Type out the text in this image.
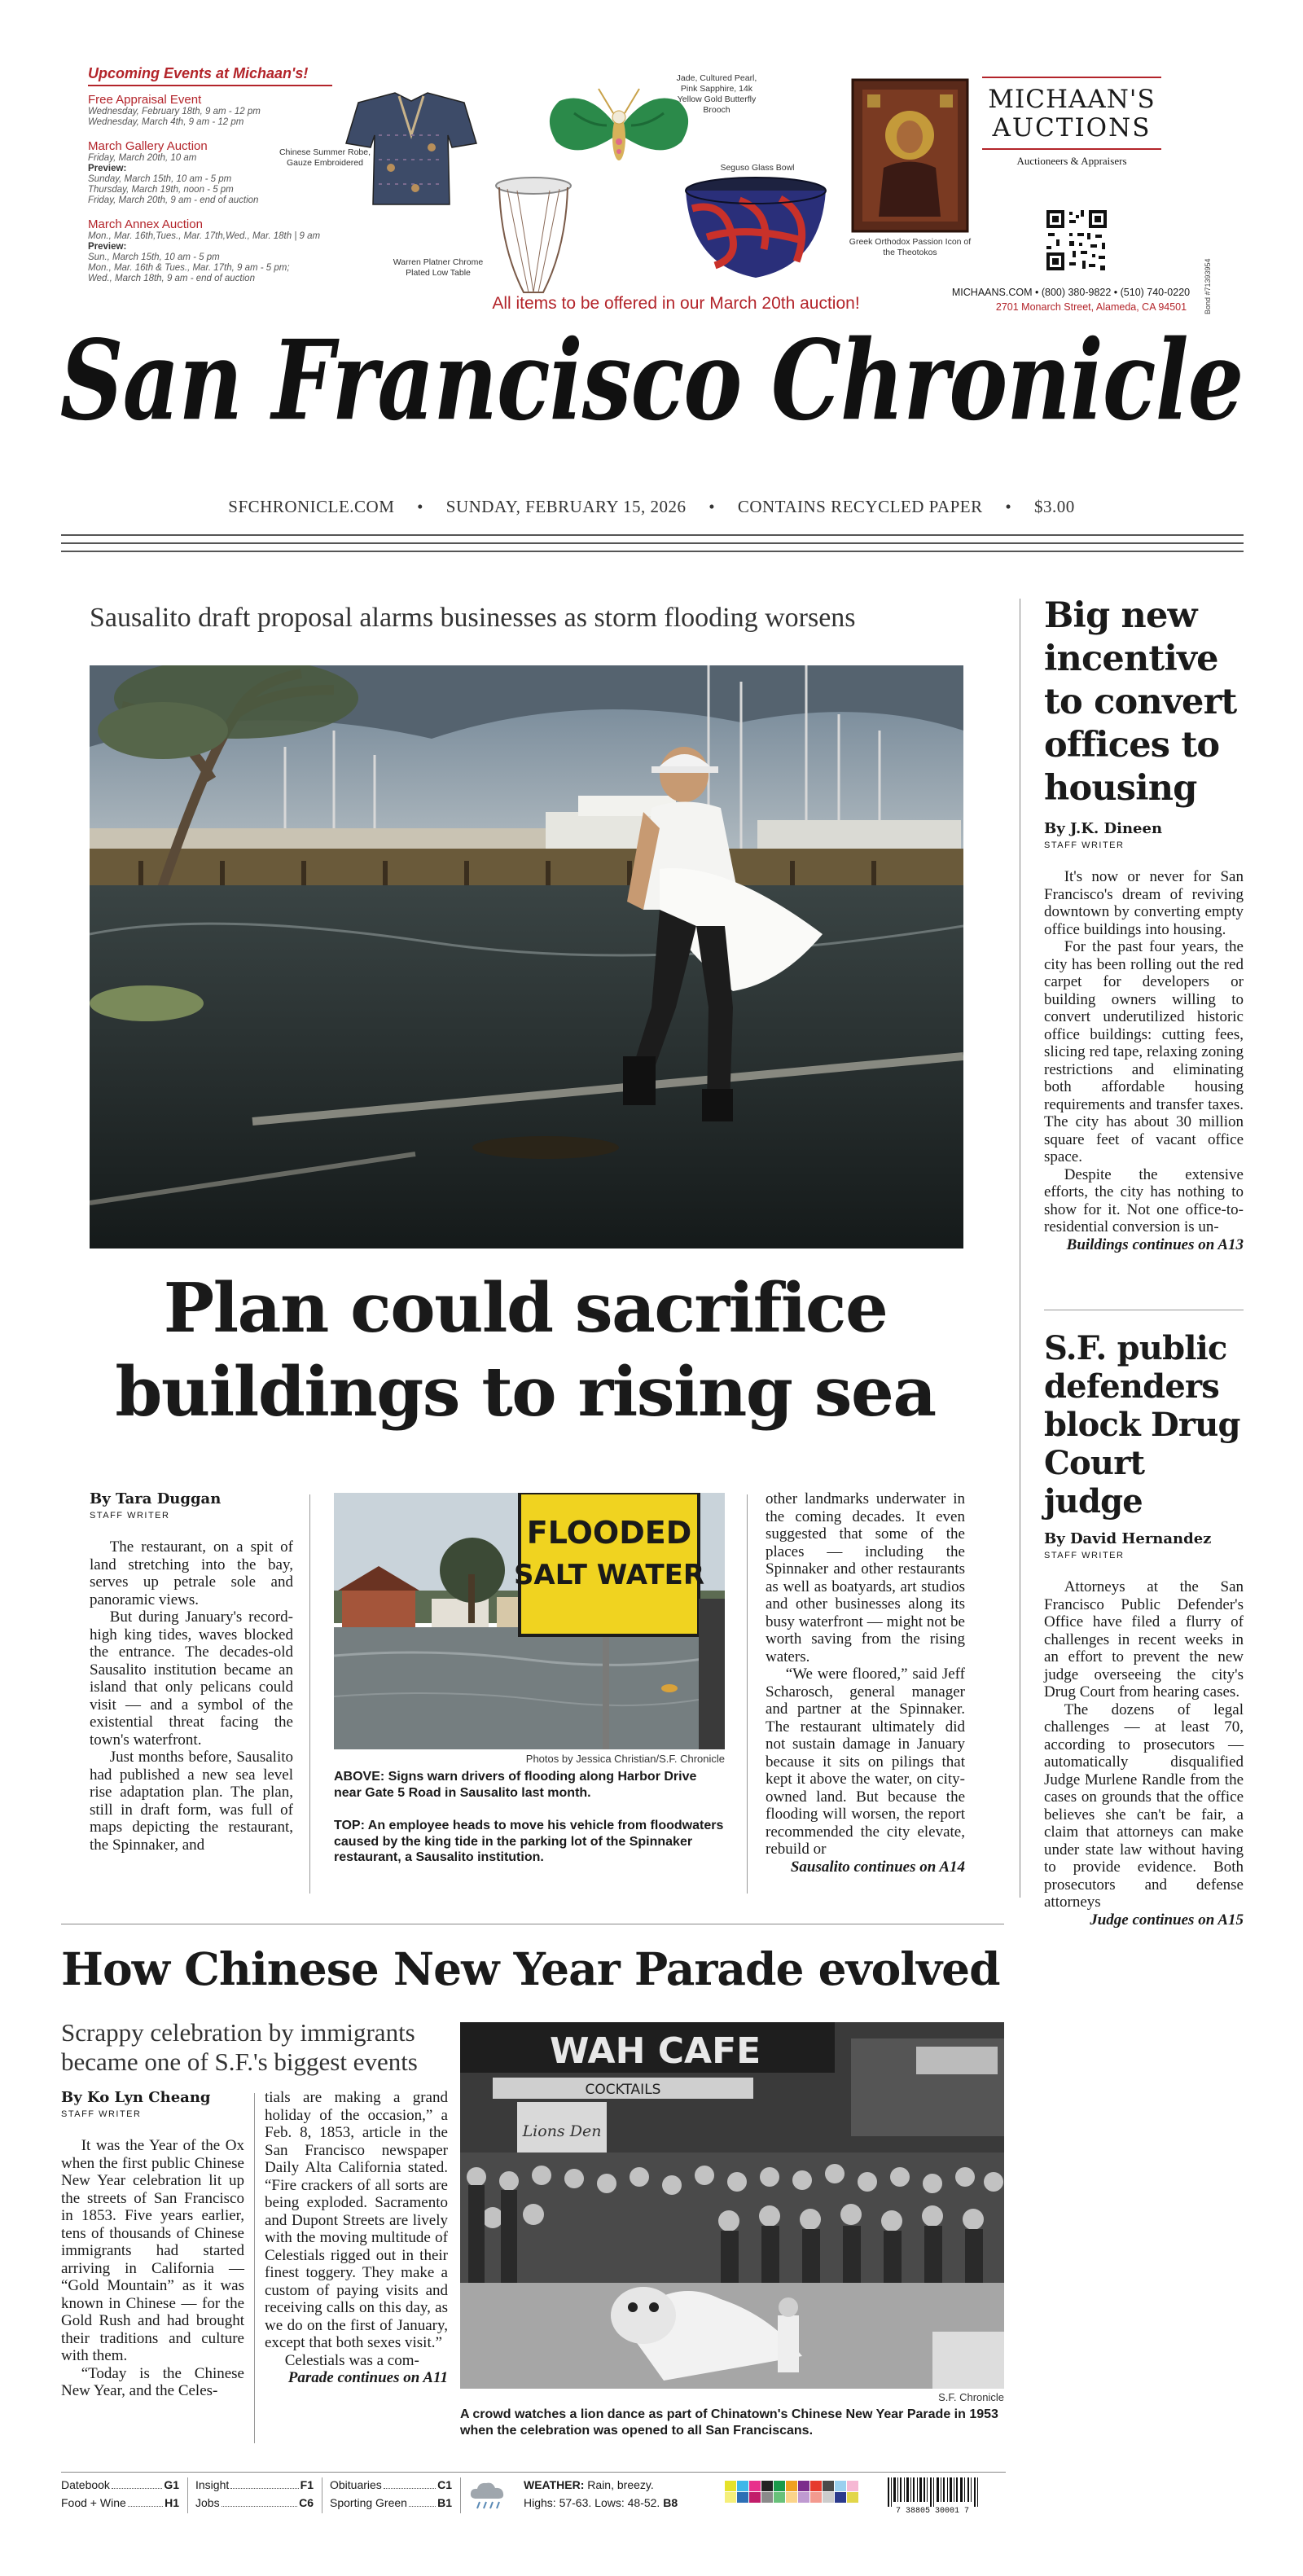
Upcoming Events at Michaan's!
Free Appraisal Event
Wednesday, February 18th, 9 am - 12 pm
Wednesday, March 4th, 9 am - 12 pm
March Gallery Auction
Friday, March 20th, 10 am
Preview:
Sunday, March 15th, 10 am - 5 pm
Thursday, March 19th, noon - 5 pm
Friday, March 20th, 9 am - end of auction
March Annex Auction
Mon., Mar. 16th,Tues., Mar. 17th,Wed., Mar. 18th | 9 am
Preview:
Sun., March 15th, 10 am - 5 pm
Mon., Mar. 16th & Tues., Mar. 17th, 9 am - 5 pm;
Wed., March 18th, 9 am - end of auction
Chinese Summer Robe, Gauze Embroidered
Warren Platner Chrome Plated Low Table
Jade, Cultured Pearl, Pink Sapphire, 14k Yellow Gold Butterfly Brooch
Seguso Glass Bowl
Greek Orthodox Passion Icon of the Theotokos
All items to be offered in our March 20th auction!
MICHAAN'S
AUCTIONS
Auctioneers & Appraisers
MICHAANS.COM • (800) 380-9822 • (510) 740-0220
2701 Monarch Street, Alameda, CA 94501	Bond #71393954
San Francisco Chronicle
SFCHRONICLE.COM • SUNDAY, FEBRUARY 15, 2026 • CONTAINS RECYCLED PAPER • $3.00
Sausalito draft proposal alarms businesses as storm flooding worsens
Plan could sacrifice
buildings to rising sea
By Tara Duggan
STAFF WRITER

The restaurant, on a spit of land stretching into the bay, serves up petrale sole and panoramic views.

But during January's record-high king tides, waves blocked the entrance. The decades-old Sausalito institution became an island that only pelicans could visit — and a symbol of the existential threat facing the town's waterfront.

Just months before, Sausalito had published a new sea level rise adaptation plan. The plan, still in draft form, was full of maps depicting the restaurant, the Spinnaker, and

FLOODED
SALT WATER
Photos by Jessica Christian/S.F. Chronicle
ABOVE: Signs warn drivers of flooding along Harbor Drive near Gate 5 Road in Sausalito last month.
TOP: An employee heads to move his vehicle from floodwaters caused by the king tide in the parking lot of the Spinnaker restaurant, a Sausalito institution.

other landmarks underwater in the coming decades. It even suggested that some of the places — including the Spinnaker and other restaurants as well as boatyards, art studios and other businesses along its busy waterfront — might not be worth saving from the rising waters.

“We were floored,” said Jeff Scharosch, general manager and partner at the Spinnaker. The restaurant ultimately did not sustain damage in January because it sits on pilings that kept it above the water, on city-owned land. But because the flooding will worsen, the report recommended the city elevate, rebuild or

Sausalito continues on A14
Big new incentive to convert offices to housing
By J.K. Dineen
STAFF WRITER

It's now or never for San Francisco's dream of reviving downtown by converting empty office buildings into housing.

For the past four years, the city has been rolling out the red carpet for developers or building owners willing to convert underutilized historic office buildings: cutting fees, slicing red tape, relaxing zoning restrictions and eliminating both affordable housing requirements and transfer taxes. The city has about 30 million square feet of vacant office space.

Despite the extensive efforts, the city has nothing to show for it. Not one office-to-residential conversion is un-

Buildings continues on A13
S.F. public defenders block Drug Court judge
By David Hernandez
STAFF WRITER

Attorneys at the San Francisco Public Defender's Office have filed a flurry of challenges in recent weeks in an effort to prevent the new judge overseeing the city's Drug Court from hearing cases.

The dozens of legal challenges — at least 70, according to prosecutors — automatically disqualified Judge Murlene Randle from the cases on grounds that the office believes she can't be fair, a claim that attorneys can make under state law without having to provide evidence. Both prosecutors and defense attorneys

Judge continues on A15
How Chinese New Year Parade evolved
Scrappy celebration by immigrants became one of S.F.'s biggest events
By Ko Lyn Cheang
STAFF WRITER

It was the Year of the Ox when the first public Chinese New Year celebration lit up the streets of San Francisco in 1853. Five years earlier, tens of thousands of Chinese immigrants had started arriving in California — “Gold Mountain” as it was known in Chinese — for the Gold Rush and had brought their traditions and culture with them.

“Today is the Chinese New Year, and the Celes-

tials are making a grand holiday of the occasion,” a Feb. 8, 1853, article in the San Francisco newspaper Daily Alta California stated. “Fire crackers of all sorts are being exploded. Sacramento and Dupont Streets are lively with the moving multitude of Celestials rigged out in their finest toggery. They make a custom of paying visits and receiving calls on this day, as we do on the first of January, except that both sexes visit.”

Celestials was a com-

Parade continues on A11
WAH CAFE
COCKTAILS
Lions Den
S.F. Chronicle
A crowd watches a lion dance as part of Chinatown's Chinese New Year Parade in 1953 when the celebration was opened to all San Franciscans.
Datebook	G1
Food + Wine	H1
Insight	F1
Jobs	C6
Obituaries	C1
Sporting Green	B1
WEATHER: Rain, breezy.
Highs: 57-63. Lows: 48-52. B8
7 38805 30001 7
